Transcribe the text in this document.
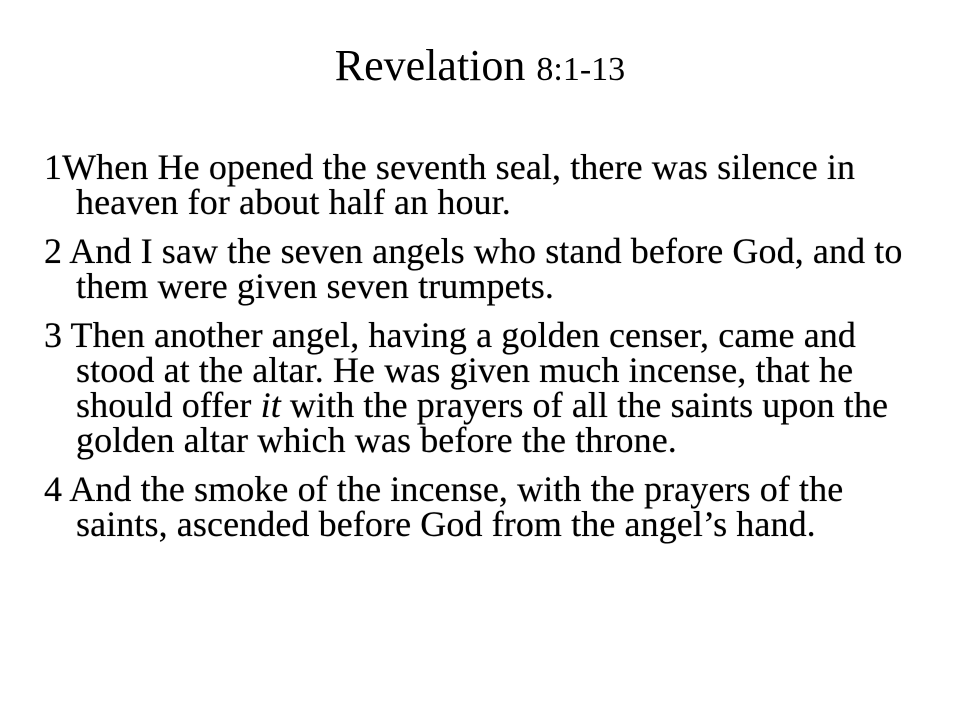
Revelation 8:1-13
1When He opened the seventh seal, there was silence in heaven for about half an hour.
2 And I saw the seven angels who stand before God, and to them were given seven trumpets.
3 Then another angel, having a golden censer, came and stood at the altar. He was given much incense, that he should offer it with the prayers of all the saints upon the golden altar which was before the throne.
4 And the smoke of the incense, with the prayers of the saints, ascended before God from the angel’s hand.
